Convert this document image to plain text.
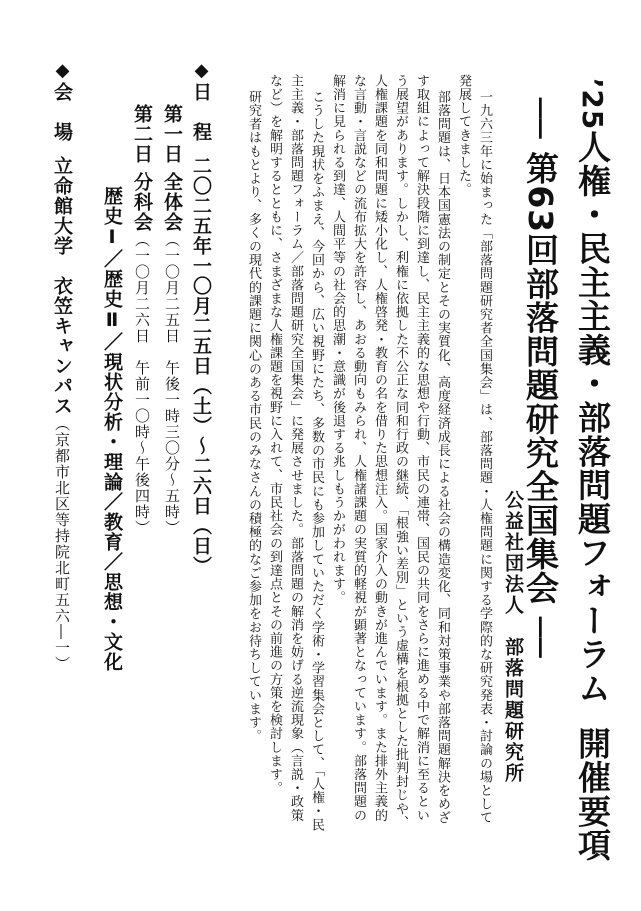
’25人権・民主主義・部落問題フォーラム開催要項
── 第63回部落問題研究全国集会 ──
公益社団法人　部落問題研究所
一九六三年に始まった「部落問題研究者全国集会」は、部落問題・人権問題に関する学際的な研究発表・討論の場として
発展してきました。
部落問題は、日本国憲法の制定とその実質化、高度経済成長による社会の構造変化、同和対策事業や部落問題解決をめざ
す取組によって解決段階に到達し、民主主義的な思想や行動、市民の連帯、国民の共同をさらに進める中で解消に至るとい
う展望があります。しかし、利権に依拠した不公正な同和行政の継続、「根強い差別」という虚構を根拠とした批判封じや、
人権課題を同和問題に矮小化し、人権啓発・教育の名を借りた思想注入。国家介入の動きが進んでいます。また排外主義的
な言動・言説などの流布拡大を許容し、あおる動向もみられ、人権諸課題の実質的軽視が顕著となっています。部落問題の
解消に見られる到達、人間平等の社会的思潮・意識が後退する兆しもうかがわれます。
こうした現状をふまえ、今回から、広い視野にたち、多数の市民にも参加していただく学術・学習集会として、「人権・民
主主義・部落問題フォーラム／部落問題研究全国集会」に発展させました。部落問題の解消を妨げる逆流現象（言説・政策
など）を解明するとともに、さまざまな人権課題を視野に入れて、市民社会の到達点とその前進の方策を検討します。
研究者はもとより、多くの現代的課題に関心のある市民のみなさんの積極的なご参加をお待ちしています。
◆日　程二〇二五年一〇月二五日（土）〜二六日（日）
第一日全体会（一〇月二五日　午後一時三〇分〜五時）
第二日分科会（一〇月二六日　午前一〇時〜午後四時）
歴史Ⅰ／歴史Ⅱ／現状分析・理論／教育／思想・文化
◆会　場立命館大学　衣笠キャンパス（京都市北区等持院北町五六―一）
